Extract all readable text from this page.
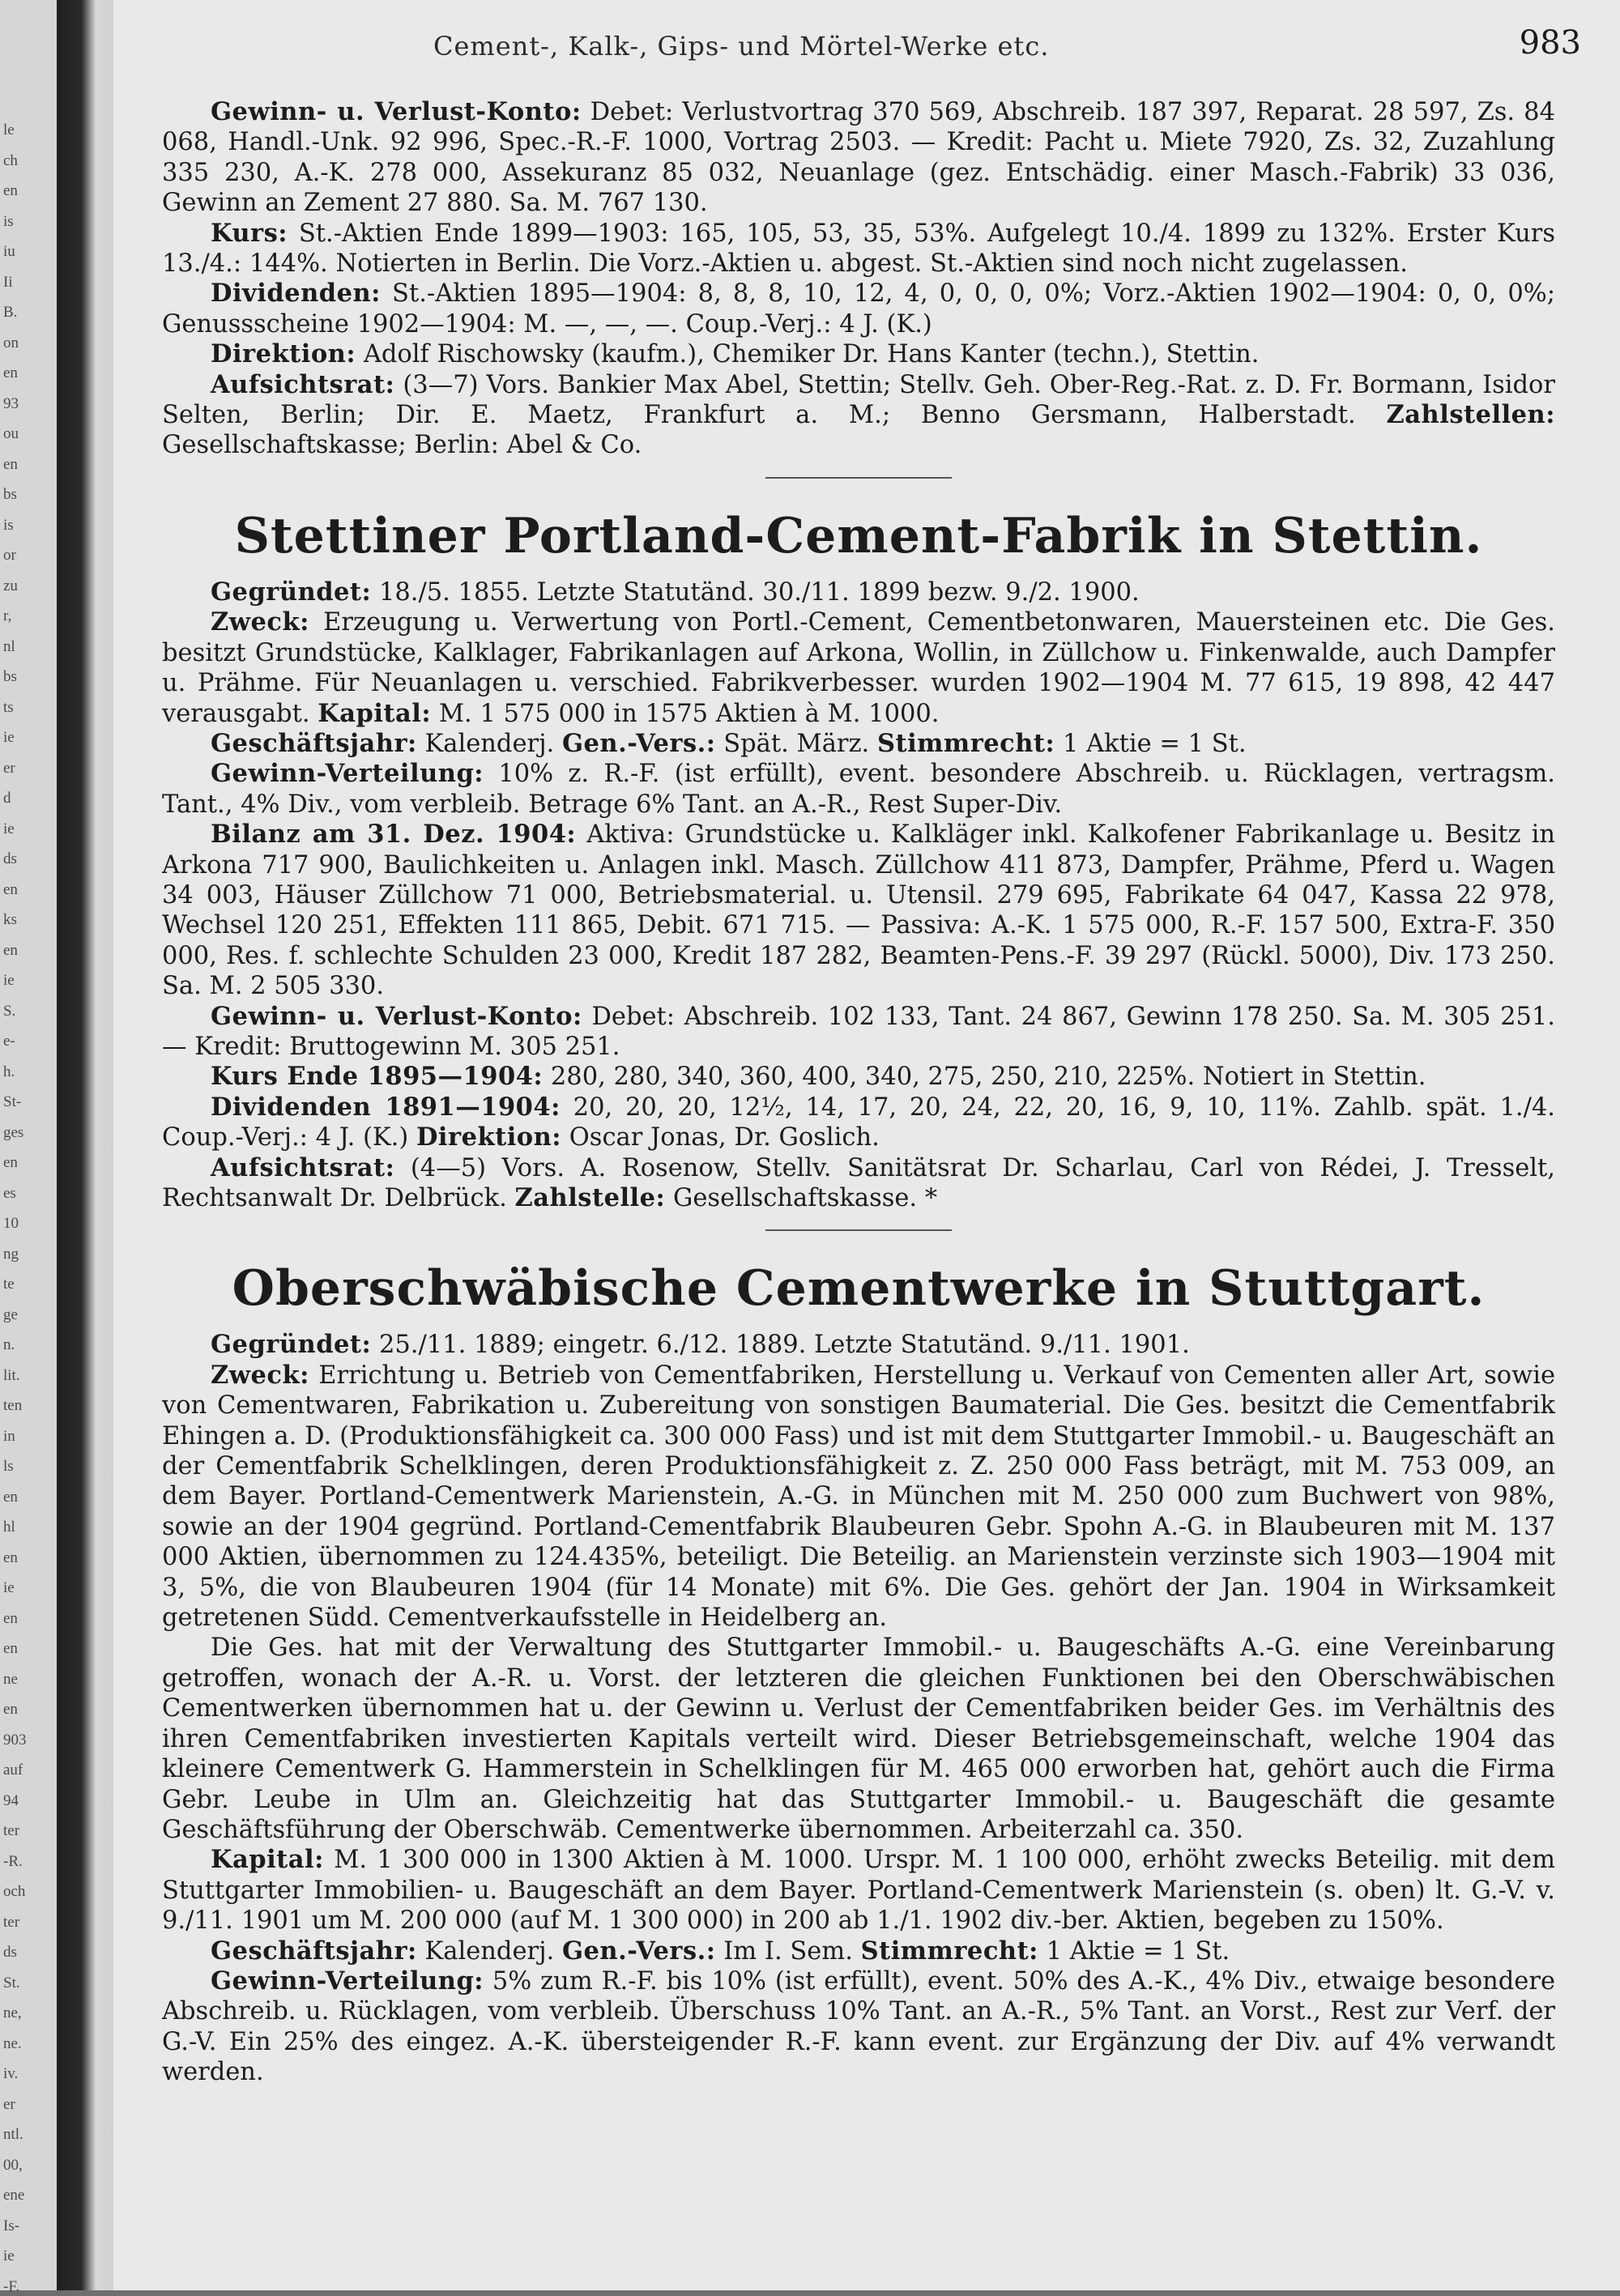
le
ch
en
is
iu
Ii
B.
on
en
93
ou
en
bs
is
or
zu
r,
nl
bs
ts
ie
er
d
ie
ds
en
ks
en
ie
S.
e-
h.
St-
ges
en
es
10
ng
te
ge
n.
lit.
ten
in
ls
en
hl
en
ie
en
en
ne
en
903
auf
94
ter
-R.
och
ter
ds
St.
ne,
ne.
iv.
er
ntl.
00,
ene
Is-
ie
-F.
Cement-, Kalk-, Gips- und Mörtel-Werke etc.	983

Gewinn- u. Verlust-Konto: Debet: Verlustvortrag 370 569, Abschreib. 187 397, Reparat. 28 597, Zs. 84 068, Handl.-Unk. 92 996, Spec.-R.-F. 1000, Vortrag 2503. — Kredit: Pacht u. Miete 7920, Zs. 32, Zuzahlung 335 230, A.-K. 278 000, Assekuranz 85 032, Neuanlage (gez. Entschädig. einer Masch.-Fabrik) 33 036, Gewinn an Zement 27 880. Sa. M. 767 130.

Kurs: St.-Aktien Ende 1899—1903: 165, 105, 53, 35, 53%. Aufgelegt 10./4. 1899 zu 132%. Erster Kurs 13./4.: 144%. Notierten in Berlin. Die Vorz.-Aktien u. abgest. St.-Aktien sind noch nicht zugelassen.

Dividenden: St.-Aktien 1895—1904: 8, 8, 8, 10, 12, 4, 0, 0, 0, 0%; Vorz.-Aktien 1902—1904: 0, 0, 0%; Genussscheine 1902—1904: M. —, —, —. Coup.-Verj.: 4 J. (K.)

Direktion: Adolf Rischowsky (kaufm.), Chemiker Dr. Hans Kanter (techn.), Stettin.

Aufsichtsrat: (3—7) Vors. Bankier Max Abel, Stettin; Stellv. Geh. Ober-Reg.-Rat. z. D. Fr. Bormann, Isidor Selten, Berlin; Dir. E. Maetz, Frankfurt a. M.; Benno Gersmann, Halberstadt. Zahlstellen: Gesellschaftskasse; Berlin: Abel & Co.

Stettiner Portland-Cement-Fabrik in Stettin.

Gegründet: 18./5. 1855. Letzte Statutänd. 30./11. 1899 bezw. 9./2. 1900.

Zweck: Erzeugung u. Verwertung von Portl.-Cement, Cementbetonwaren, Mauersteinen etc. Die Ges. besitzt Grundstücke, Kalklager, Fabrikanlagen auf Arkona, Wollin, in Züllchow u. Finkenwalde, auch Dampfer u. Prähme. Für Neuanlagen u. verschied. Fabrikverbesser. wurden 1902—1904 M. 77 615, 19 898, 42 447 verausgabt. Kapital: M. 1 575 000 in 1575 Aktien à M. 1000.

Geschäftsjahr: Kalenderj. Gen.-Vers.: Spät. März. Stimmrecht: 1 Aktie = 1 St.

Gewinn-Verteilung: 10% z. R.-F. (ist erfüllt), event. besondere Abschreib. u. Rücklagen, vertragsm. Tant., 4% Div., vom verbleib. Betrage 6% Tant. an A.-R., Rest Super-Div.

Bilanz am 31. Dez. 1904: Aktiva: Grundstücke u. Kalkläger inkl. Kalkofener Fabrikanlage u. Besitz in Arkona 717 900, Baulichkeiten u. Anlagen inkl. Masch. Züllchow 411 873, Dampfer, Prähme, Pferd u. Wagen 34 003, Häuser Züllchow 71 000, Betriebsmaterial. u. Utensil. 279 695, Fabrikate 64 047, Kassa 22 978, Wechsel 120 251, Effekten 111 865, Debit. 671 715. — Passiva: A.-K. 1 575 000, R.-F. 157 500, Extra-F. 350 000, Res. f. schlechte Schulden 23 000, Kredit 187 282, Beamten-Pens.-F. 39 297 (Rückl. 5000), Div. 173 250. Sa. M. 2 505 330.

Gewinn- u. Verlust-Konto: Debet: Abschreib. 102 133, Tant. 24 867, Gewinn 178 250. Sa. M. 305 251. — Kredit: Bruttogewinn M. 305 251.

Kurs Ende 1895—1904: 280, 280, 340, 360, 400, 340, 275, 250, 210, 225%. Notiert in Stettin.

Dividenden 1891—1904: 20, 20, 20, 12½, 14, 17, 20, 24, 22, 20, 16, 9, 10, 11%. Zahlb. spät. 1./4. Coup.-Verj.: 4 J. (K.) Direktion: Oscar Jonas, Dr. Goslich.

Aufsichtsrat: (4—5) Vors. A. Rosenow, Stellv. Sanitätsrat Dr. Scharlau, Carl von Rédei, J. Tresselt, Rechtsanwalt Dr. Delbrück. Zahlstelle: Gesellschaftskasse. *

Oberschwäbische Cementwerke in Stuttgart.

Gegründet: 25./11. 1889; eingetr. 6./12. 1889. Letzte Statutänd. 9./11. 1901.

Zweck: Errichtung u. Betrieb von Cementfabriken, Herstellung u. Verkauf von Cementen aller Art, sowie von Cementwaren, Fabrikation u. Zubereitung von sonstigen Baumaterial. Die Ges. besitzt die Cementfabrik Ehingen a. D. (Produktionsfähigkeit ca. 300 000 Fass) und ist mit dem Stuttgarter Immobil.- u. Baugeschäft an der Cementfabrik Schelklingen, deren Produktionsfähigkeit z. Z. 250 000 Fass beträgt, mit M. 753 009, an dem Bayer. Portland-Cementwerk Marienstein, A.-G. in München mit M. 250 000 zum Buchwert von 98%, sowie an der 1904 gegründ. Portland-Cementfabrik Blaubeuren Gebr. Spohn A.-G. in Blaubeuren mit M. 137 000 Aktien, übernommen zu 124.435%, beteiligt. Die Beteilig. an Marienstein verzinste sich 1903—1904 mit 3, 5%, die von Blaubeuren 1904 (für 14 Monate) mit 6%. Die Ges. gehört der Jan. 1904 in Wirksamkeit getretenen Südd. Cementverkaufsstelle in Heidelberg an.

Die Ges. hat mit der Verwaltung des Stuttgarter Immobil.- u. Baugeschäfts A.-G. eine Vereinbarung getroffen, wonach der A.-R. u. Vorst. der letzteren die gleichen Funktionen bei den Oberschwäbischen Cementwerken übernommen hat u. der Gewinn u. Verlust der Cementfabriken beider Ges. im Verhältnis des ihren Cementfabriken investierten Kapitals verteilt wird. Dieser Betriebsgemeinschaft, welche 1904 das kleinere Cementwerk G. Hammerstein in Schelklingen für M. 465 000 erworben hat, gehört auch die Firma Gebr. Leube in Ulm an. Gleichzeitig hat das Stuttgarter Immobil.- u. Baugeschäft die gesamte Geschäftsführung der Oberschwäb. Cementwerke übernommen. Arbeiterzahl ca. 350.

Kapital: M. 1 300 000 in 1300 Aktien à M. 1000. Urspr. M. 1 100 000, erhöht zwecks Beteilig. mit dem Stuttgarter Immobilien- u. Baugeschäft an dem Bayer. Portland-Cementwerk Marienstein (s. oben) lt. G.-V. v. 9./11. 1901 um M. 200 000 (auf M. 1 300 000) in 200 ab 1./1. 1902 div.-ber. Aktien, begeben zu 150%.

Geschäftsjahr: Kalenderj. Gen.-Vers.: Im I. Sem. Stimmrecht: 1 Aktie = 1 St.

Gewinn-Verteilung: 5% zum R.-F. bis 10% (ist erfüllt), event. 50% des A.-K., 4% Div., etwaige besondere Abschreib. u. Rücklagen, vom verbleib. Überschuss 10% Tant. an A.-R., 5% Tant. an Vorst., Rest zur Verf. der G.-V. Ein 25% des eingez. A.-K. übersteigender R.-F. kann event. zur Ergänzung der Div. auf 4% verwandt werden.
